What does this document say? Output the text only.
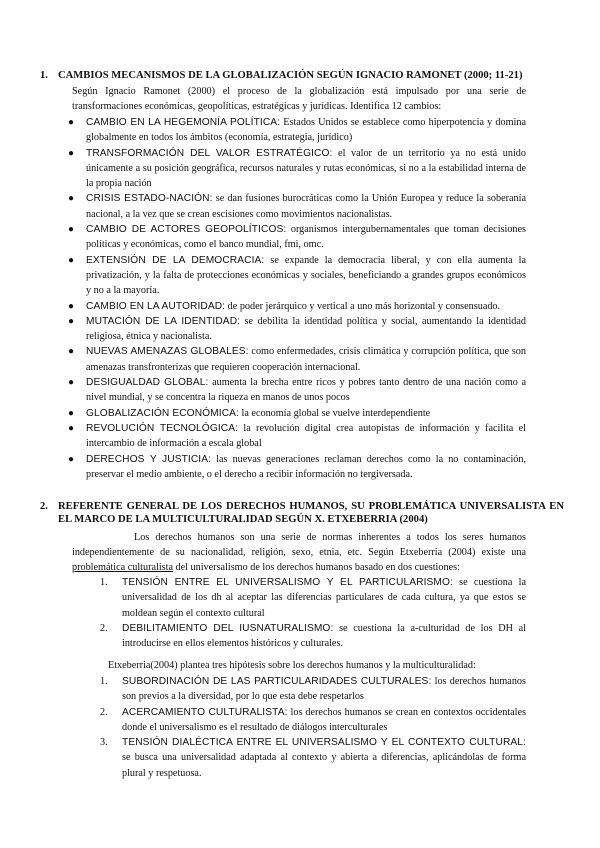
1. CAMBIOS MECANISMOS DE LA GLOBALIZACIÓN SEGÚN IGNACIO RAMONET (2000; 11-21)
Según Ignacio Ramonet (2000) el proceso de la globalización está impulsado por una serie de transformaciones económicas, geopolíticas, estratégicas y jurídicas. Identifica 12 cambios:
● CAMBIO EN LA HEGEMONÍA POLÍTICA: Estados Unidos se establece como hiperpotencia y domina globalmente en todos los ámbitos (economía, estrategia, jurídico)
● TRANSFORMACIÓN DEL VALOR ESTRATÉGICO: el valor de un territorio ya no está unido únicamente a su posición geográfica, recursos naturales y rutas económicas, si no a la estabilidad interna de la propia nación
● CRISIS ESTADO-NACIÓN: se dan fusiones burocráticas como la Unión Europea y reduce la soberanía nacional, a la vez que se crean escisiones como movimientos nacionalistas.
● CAMBIO DE ACTORES GEOPOLÍTICOS: organismos intergubernamentales que toman decisiones políticas y económicas, como el banco mundial, fmi, omc.
● EXTENSIÓN DE LA DEMOCRACIA: se expande la democracia liberal, y con ella aumenta la privatización, y la falta de protecciones económicas y sociales, beneficiando a grandes grupos económicos y no a la mayoría.
● CAMBIO EN LA AUTORIDAD: de poder jerárquico y vertical a uno más horizontal y consensuado.
● MUTACIÓN DE LA IDENTIDAD: se debilita la identidad política y social, aumentando la identidad religiosa, étnica y nacionalista.
● NUEVAS AMENAZAS GLOBALES: como enfermedades, crisis climática y corrupción política, que son amenazas transfronterizas que requieren cooperación internacional.
● DESIGUALDAD GLOBAL: aumenta la brecha entre ricos y pobres tanto dentro de una nación como a nivel mundial, y se concentra la riqueza en manos de unos pocos
● GLOBALIZACIÓN ECONÓMICA: la economía global se vuelve interdependiente
● REVOLUCIÓN TECNOLÓGICA: la revolución digital crea autopistas de información y facilita el intercambio de información a escala global
● DERECHOS Y JUSTICIA: las nuevas generaciones reclaman derechos como la no contaminación, preservar el medio ambiente, o el derecho a recibir información no tergiversada.
2. REFERENTE GENERAL DE LOS DERECHOS HUMANOS, SU PROBLEMÁTICA UNIVERSALISTA EN EL MARCO DE LA MULTICULTURALIDAD SEGÚN X. ETXEBERRIA (2004)
Los derechos humanos son una serie de normas inherentes a todos los seres humanos independientemente de su nacionalidad, religión, sexo, etnia, etc. Según Etxeberria (2004) existe una problemática culturalista del universalismo de los derechos humanos basado en dos cuestiones:
1. TENSIÓN ENTRE EL UNIVERSALISMO Y EL PARTICULARISMO: se cuestiona la universalidad de los dh al aceptar las diferencias particulares de cada cultura, ya que estos se moldean según el contexto cultural
2. DEBILITAMIENTO DEL IUSNATURALISMO: se cuestiona la a-culturidad de los DH al introducirse en ellos elementos históricos y culturales.
Etxeberria(2004) plantea tres hipótesis sobre los derechos humanos y la multiculturalidad:
1. SUBORDINACIÓN DE LAS PARTICULARIDADES CULTURALES: los derechos humanos son previos a la diversidad, por lo que esta debe respetarlos
2. ACERCAMIENTO CULTURALISTA: los derechos humanos se crean en contextos occidentales donde el universalismo es el resultado de diálogos interculturales
3. TENSIÓN DIALÉCTICA ENTRE EL UNIVERSALISMO Y EL CONTEXTO CULTURAL: se busca una universalidad adaptada al contexto y abierta a diferencias, aplicándolas de forma plural y respetuosa.
